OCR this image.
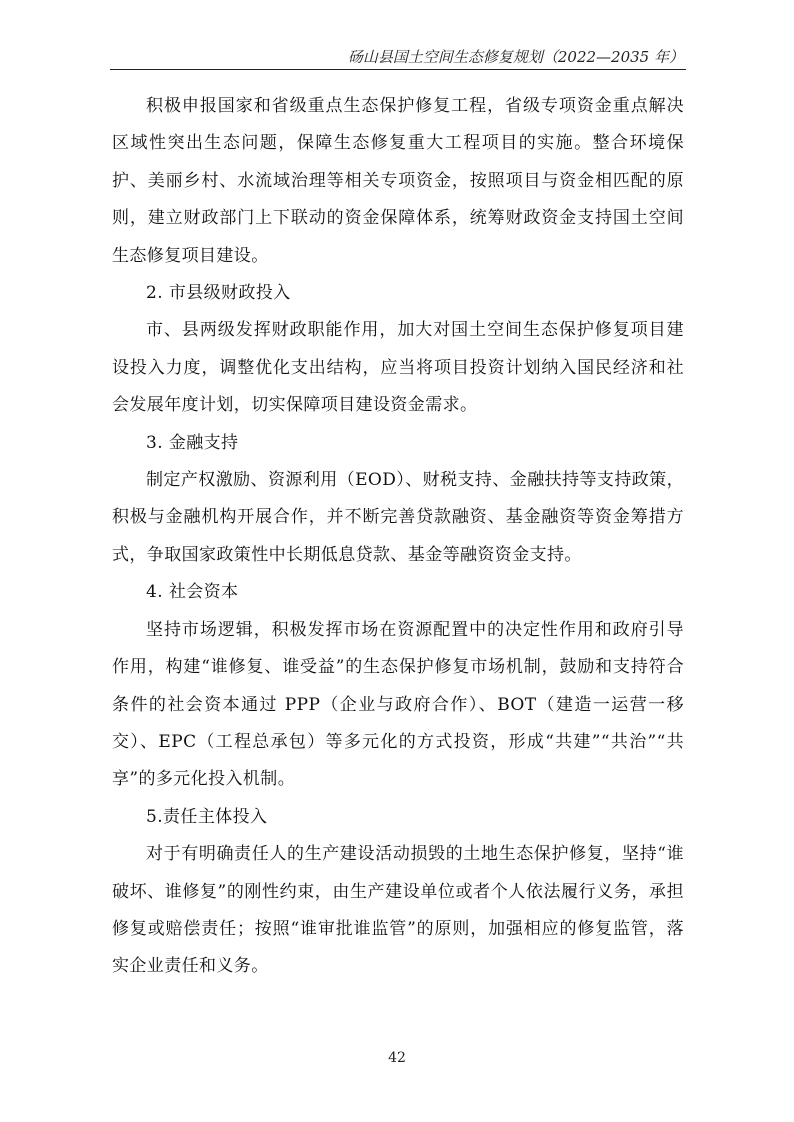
砀山县国土空间生态修复规划（2022—2035 年）

积极申报国家和省级重点生态保护修复工程，省级专项资金重点解决区域性突出生态问题，保障生态修复重大工程项目的实施。整合环境保护、美丽乡村、水流域治理等相关专项资金，按照项目与资金相匹配的原则，建立财政部门上下联动的资金保障体系，统筹财政资金支持国土空间生态修复项目建设。

2. 市县级财政投入

市、县两级发挥财政职能作用，加大对国土空间生态保护修复项目建设投入力度，调整优化支出结构，应当将项目投资计划纳入国民经济和社会发展年度计划，切实保障项目建设资金需求。

3. 金融支持

制定产权激励、资源利用（EOD）、财税支持、金融扶持等支持政策，积极与金融机构开展合作，并不断完善贷款融资、基金融资等资金筹措方式，争取国家政策性中长期低息贷款、基金等融资资金支持。

4. 社会资本

坚持市场逻辑，积极发挥市场在资源配置中的决定性作用和政府引导作用，构建“谁修复、谁受益”的生态保护修复市场机制，鼓励和支持符合条件的社会资本通过 PPP（企业与政府合作）、BOT（建造一运营一移交）、EPC（工程总承包）等多元化的方式投资，形成“共建”“共治”“共享”的多元化投入机制。

5.责任主体投入

对于有明确责任人的生产建设活动损毁的土地生态保护修复，坚持“谁破坏、谁修复”的刚性约束，由生产建设单位或者个人依法履行义务，承担修复或赔偿责任；按照“谁审批谁监管”的原则，加强相应的修复监管，落实企业责任和义务。

42
